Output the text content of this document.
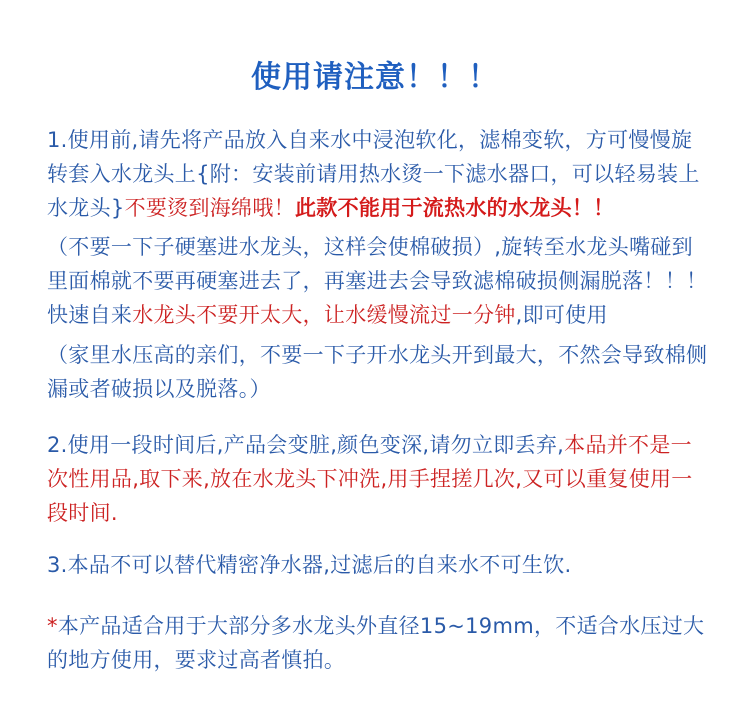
使用请注意！！！
1.使用前,请先将产品放入自来水中浸泡软化，滤棉变软，方可慢慢旋转套入水龙头上{附：安装前请用热水烫一下滤水器口，可以轻易装上水龙头}不要烫到海绵哦！此款不能用于流热水的水龙头！！
（不要一下子硬塞进水龙头，这样会使棉破损）,旋转至水龙头嘴碰到里面棉就不要再硬塞进去了，再塞进去会导致滤棉破损侧漏脱落！！！ 快速自来水龙头不要开太大，让水缓慢流过一分钟,即可使用
（家里水压高的亲们，不要一下子开水龙头开到最大，不然会导致棉侧漏或者破损以及脱落。）
2.使用一段时间后,产品会变脏,颜色变深,请勿立即丢弃,本品并不是一次性用品,取下来,放在水龙头下冲洗,用手捏搓几次,又可以重复使用一段时间.
3.本品不可以替代精密净水器,过滤后的自来水不可生饮.
*本产品适合用于大部分多水龙头外直径15~19mm，不适合水压过大的地方使用，要求过高者慎拍。
